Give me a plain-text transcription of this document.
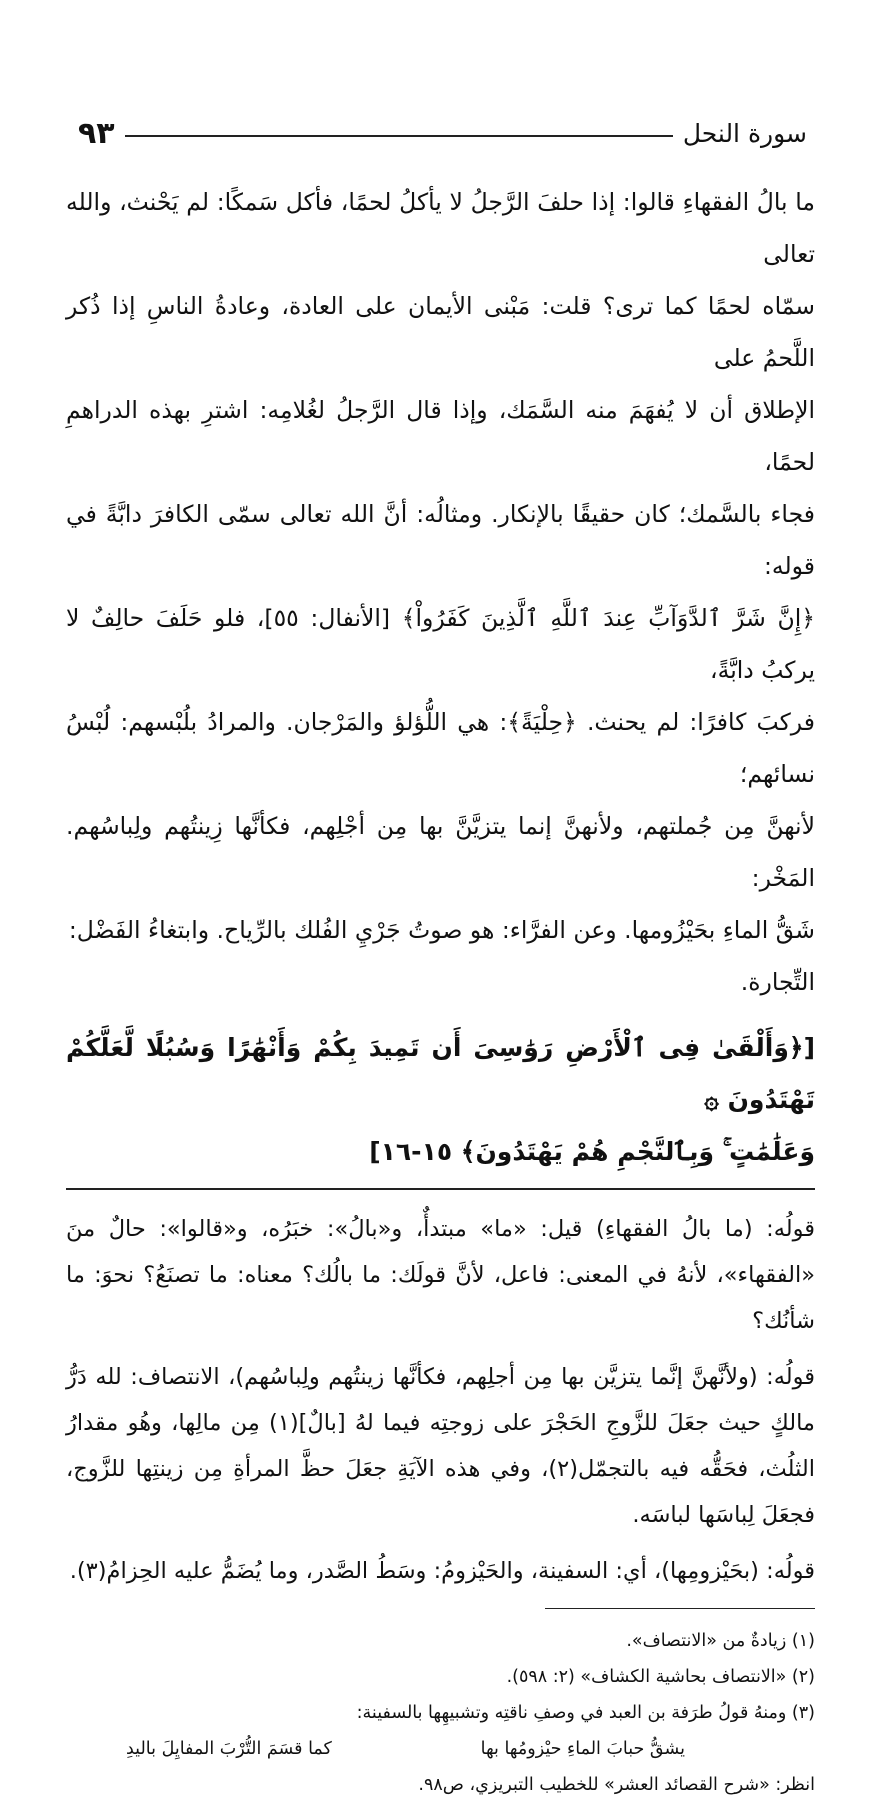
سورة النحل
٩٣

ما بالُ الفقهاءِ قالوا: إذا حلفَ الرَّجلُ لا يأكلُ لحمًا، فأكل سَمكًا: لم يَحْنث، والله تعالى

سمّاه لحمًا كما ترى؟ قلت: مَبْنى الأيمان على العادة، وعادةُ الناسِ إذا ذُكر اللَّحمُ على

الإطلاق أن لا يُفهَمَ منه السَّمَك، وإذا قال الرَّجلُ لغُلامِه: اشترِ بهذه الدراهمِ لحمًا،

فجاء بالسَّمك؛ كان حقيقًا بالإنكار. ومثالُه: أنَّ الله تعالى سمّى الكافرَ دابَّةً في قوله:

﴿إِنَّ شَرَّ ٱلدَّوَآبِّ عِندَ ٱللَّهِ ٱلَّذِينَ كَفَرُواْ﴾ [الأنفال: ٥٥]، فلو حَلَفَ حالِفٌ لا يركبُ دابَّةً،

فركبَ كافرًا: لم يحنث. ﴿حِلْيَةً﴾: هي اللُّؤلؤ والمَرْجان. والمرادُ بلُبْسهم: لُبْسُ نسائهم؛

لأنهنَّ مِن جُملتهم، ولأنهنَّ إنما يتزيَّنَّ بها مِن أجْلِهم، فكأنَّها زِينتُهم ولِباسُهم. المَخْر:

شَقُّ الماءِ بحَيْزُومها. وعن الفرَّاء: هو صوتُ جَرْيِ الفُلك بالرِّياح. وابتغاءُ الفَضْل:

التِّجارة.

[﴿وَأَلْقَىٰ فِى ٱلْأَرْضِ رَوَٰسِىَ أَن تَمِيدَ بِكُمْ وَأَنْهَٰرًا وَسُبُلًا لَّعَلَّكُمْ تَهْتَدُونَ ۞
وَعَلَٰمَٰتٍ ۚ وَبِٱلنَّجْمِ هُمْ يَهْتَدُونَ﴾ ١٥-١٦]

قولُه: (ما بالُ الفقهاءِ) قيل: «ما» مبتدأٌ، و«بالُ»: خبَرُه، و«قالوا»: حالٌ منَ «الفقهاء»، لأنهُ في المعنى: فاعل، لأنَّ قولَك: ما بالُك؟ معناه: ما تصنَعُ؟ نحوَ: ما شأنُك؟

قولُه: (ولأنَّهنَّ إنَّما يتزيَّن بها مِن أجلِهم، فكأنَّها زينتُهم ولِباسُهم)، الانتصاف: لله دَرُّ مالكٍ حيث جعَلَ للزَّوجِ الحَجْرَ على زوجتِه فيما لهُ [بالٌ](١) مِن مالِها، وهُو مقدارُ الثلُث، فحَقُّه فيه بالتجمّل(٢)، وفي هذه الآيَةِ جعَلَ حظَّ المرأةِ مِن زينتِها للزَّوج، فجعَلَ لِباسَها لباسَه.

قولُه: (بحَيْزومِها)، أي: السفينة، والحَيْزومُ: وسَطُ الصَّدر، وما يُضَمُّ عليه الحِزامُ(٣).

(١) زيادةٌ من «الانتصاف».

(٢) «الانتصاف بحاشية الكشاف» (٢: ٥٩٨).

(٣) ومنهُ قولُ طرَفة بن العبد في وصفِ ناقتِه وتشبيهِها بالسفينة:

يشقُّ حبابَ الماءِ حيْزومُها بها
كما قسَمَ التُّرْبَ المفايِلَ باليدِ

انظر: «شرح القصائد العشر» للخطيب التبريزي، ص٩٨.
